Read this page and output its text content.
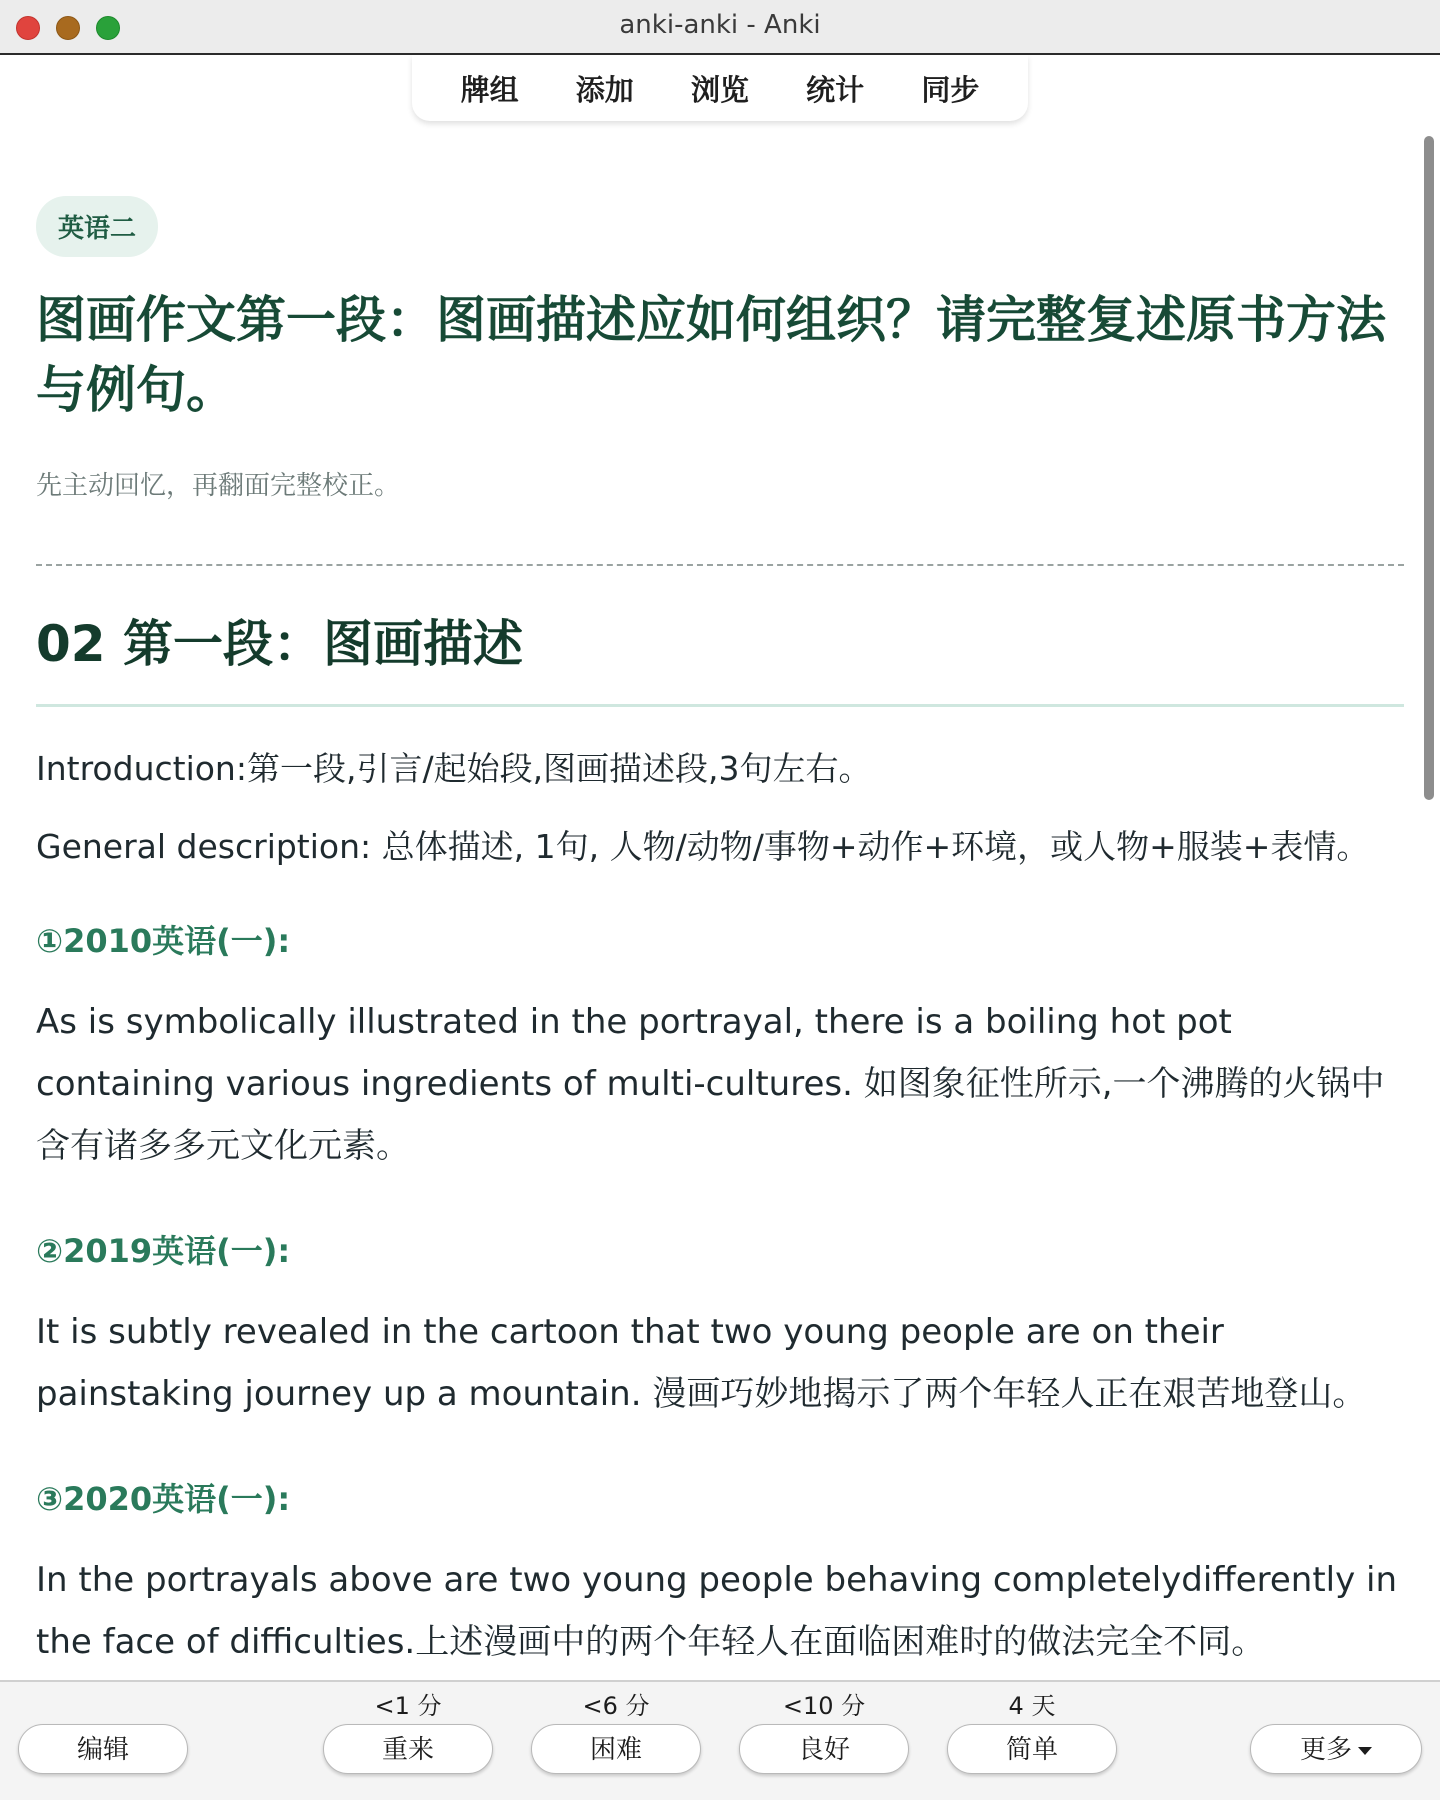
anki-anki - Anki
牌组 添加 浏览 统计 同步
英语二
图画作文第一段：图画描述应如何组织？请完整复述原书方法与例句。
先主动回忆，再翻面完整校正。
02 第一段：图画描述
Introduction:第一段,引言/起始段,图画描述段,3句左右。
General description: 总体描述, 1句, 人物/动物/事物+动作+环境，或人物+服装+表情。
①2010英语(一):
As is symbolically illustrated in the portrayal, there is a boiling hot pot containing various ingredients of multi-cultures. 如图象征性所示,一个沸腾的火锅中含有诸多多元文化元素。
②2019英语(一):
It is subtly revealed in the cartoon that two young people are on their painstaking journey up a mountain. 漫画巧妙地揭示了两个年轻人正在艰苦地登山。
③2020英语(一):
In the portrayals above are two young people behaving completelydifferently in the face of difficulties.上述漫画中的两个年轻人在面临困难时的做法完全不同。
编辑
<1 分
重来
<6 分
困难
<10 分
良好
4 天
简单	更多
